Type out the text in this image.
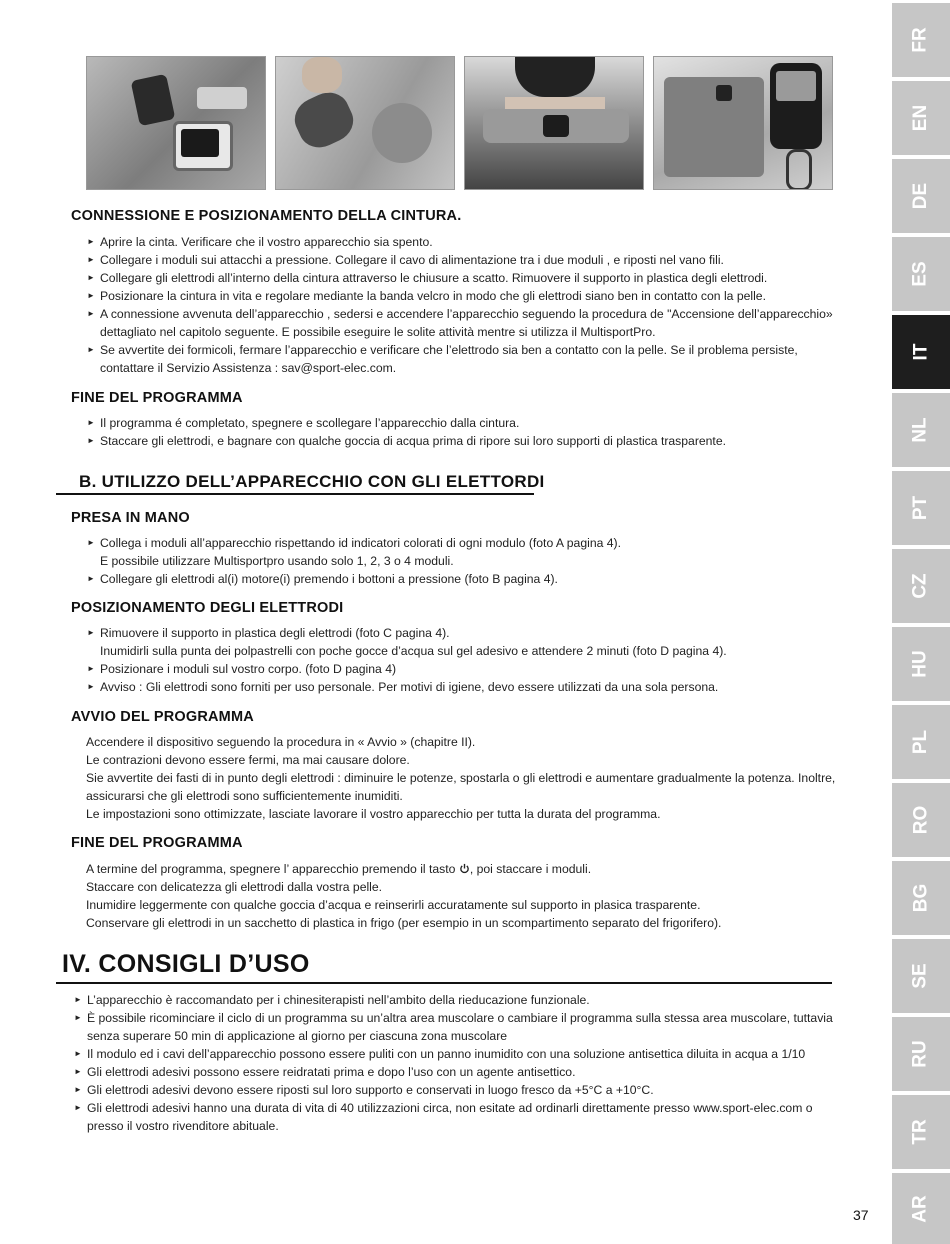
CONNESSIONE E POSIZIONAMENTO DELLA CINTURA.
► Aprire la cinta. Verificare che il vostro apparecchio sia spento.
► Collegare i moduli sui attacchi a pressione. Collegare il cavo di alimentazione tra i due moduli , e riposti nel vano fili.
► Collegare gli elettrodi all’interno della cintura attraverso le chiusure a scatto. Rimuovere il supporto in plastica degli elettrodi.
► Posizionare la cintura in vita e regolare mediante la banda velcro in modo che gli elettrodi siano ben in contatto con la pelle.
► A connessione avvenuta dell’apparecchio , sedersi e accendere l’apparecchio seguendo la procedura de "Accensione dell’apparecchio» dettagliato nel capitolo seguente. E possibile eseguire le solite attività mentre si utilizza il MultisportPro.
► Se avvertite dei formicoli, fermare l’apparecchio e verificare che l’elettrodo sia ben a contatto con la pelle. Se il problema persiste, contattare il Servizio Assistenza : sav@sport-elec.com.
FINE DEL PROGRAMMA
► Il programma é completato, spegnere e scollegare l’apparecchio dalla cintura.
► Staccare gli elettrodi, e bagnare con qualche goccia di acqua prima di ripore sui loro supporti di plastica trasparente.
B. UTILIZZO DELL’APPARECCHIO CON GLI ELETTORDI
PRESA IN MANO
► Collega i moduli all’apparecchio rispettando id indicatori colorati di ogni modulo (foto A pagina 4).
E possibile utilizzare Multisportpro usando solo 1, 2, 3 o 4 moduli.
► Collegare gli elettrodi al(i) motore(i) premendo i bottoni a pressione (foto B pagina 4).
POSIZIONAMENTO DEGLI ELETTRODI
► Rimuovere il supporto in plastica degli elettrodi (foto C pagina 4).
Inumidirli sulla punta dei polpastrelli con poche gocce d’acqua sul gel adesivo e attendere 2 minuti (foto D pagina 4).
► Posizionare i moduli sul vostro corpo. (foto D pagina 4)
► Avviso : Gli elettrodi sono forniti per uso personale. Per motivi di igiene, devo essere utilizzati da una sola persona.
AVVIO DEL PROGRAMMA
Accendere il dispositivo seguendo la procedura in « Avvio » (chapitre II).
Le contrazioni devono essere fermi, ma mai causare dolore.
Sie avvertite dei fasti di in punto degli elettrodi : diminuire le potenze, spostarla o gli elettrodi e aumentare gradualmente la potenza. Inoltre, assicurarsi che gli elettrodi sono sufficientemente inumiditi.
Le impostazioni sono ottimizzate, lasciate lavorare il vostro apparecchio per tutta la durata del programma.
FINE DEL PROGRAMMA
A termine del programma, spegnere l’ apparecchio premendo il tasto , poi staccare i moduli.
Staccare con delicatezza gli elettrodi dalla vostra pelle.
Inumidire leggermente con qualche goccia d’acqua e reinserirli accuratamente sul supporto in plasica trasparente.
Conservare gli elettrodi in un sacchetto di plastica in frigo (per esempio in un scompartimento separato del frigorifero).
IV. CONSIGLI D’USO
► L’apparecchio è raccomandato per i chinesiterapisti nell’ambito della rieducazione funzionale.
► È possibile ricominciare il ciclo di un programma su un’altra area muscolare o cambiare il programma sulla stessa area muscolare, tuttavia senza superare 50 min di applicazione al giorno per ciascuna zona muscolare
► Il modulo ed i cavi dell’apparecchio possono essere puliti con un panno inumidito con una soluzione antisettica diluita in acqua a 1/10
► Gli elettrodi adesivi possono essere reidratati prima e dopo l’uso con un agente antisettico.
► Gli elettrodi adesivi devono essere riposti sul loro supporto e conservati in luogo fresco da +5°C a +10°C.
► Gli elettrodi adesivi hanno una durata di vita di 40 utilizzazioni circa, non esitate ad ordinarli direttamente presso www.sport-elec.com o presso il vostro rivenditore abituale.
FR
EN
DE
ES
IT
NL
PT
CZ
HU
PL
RO
BG
SE
RU
TR
AR
37
